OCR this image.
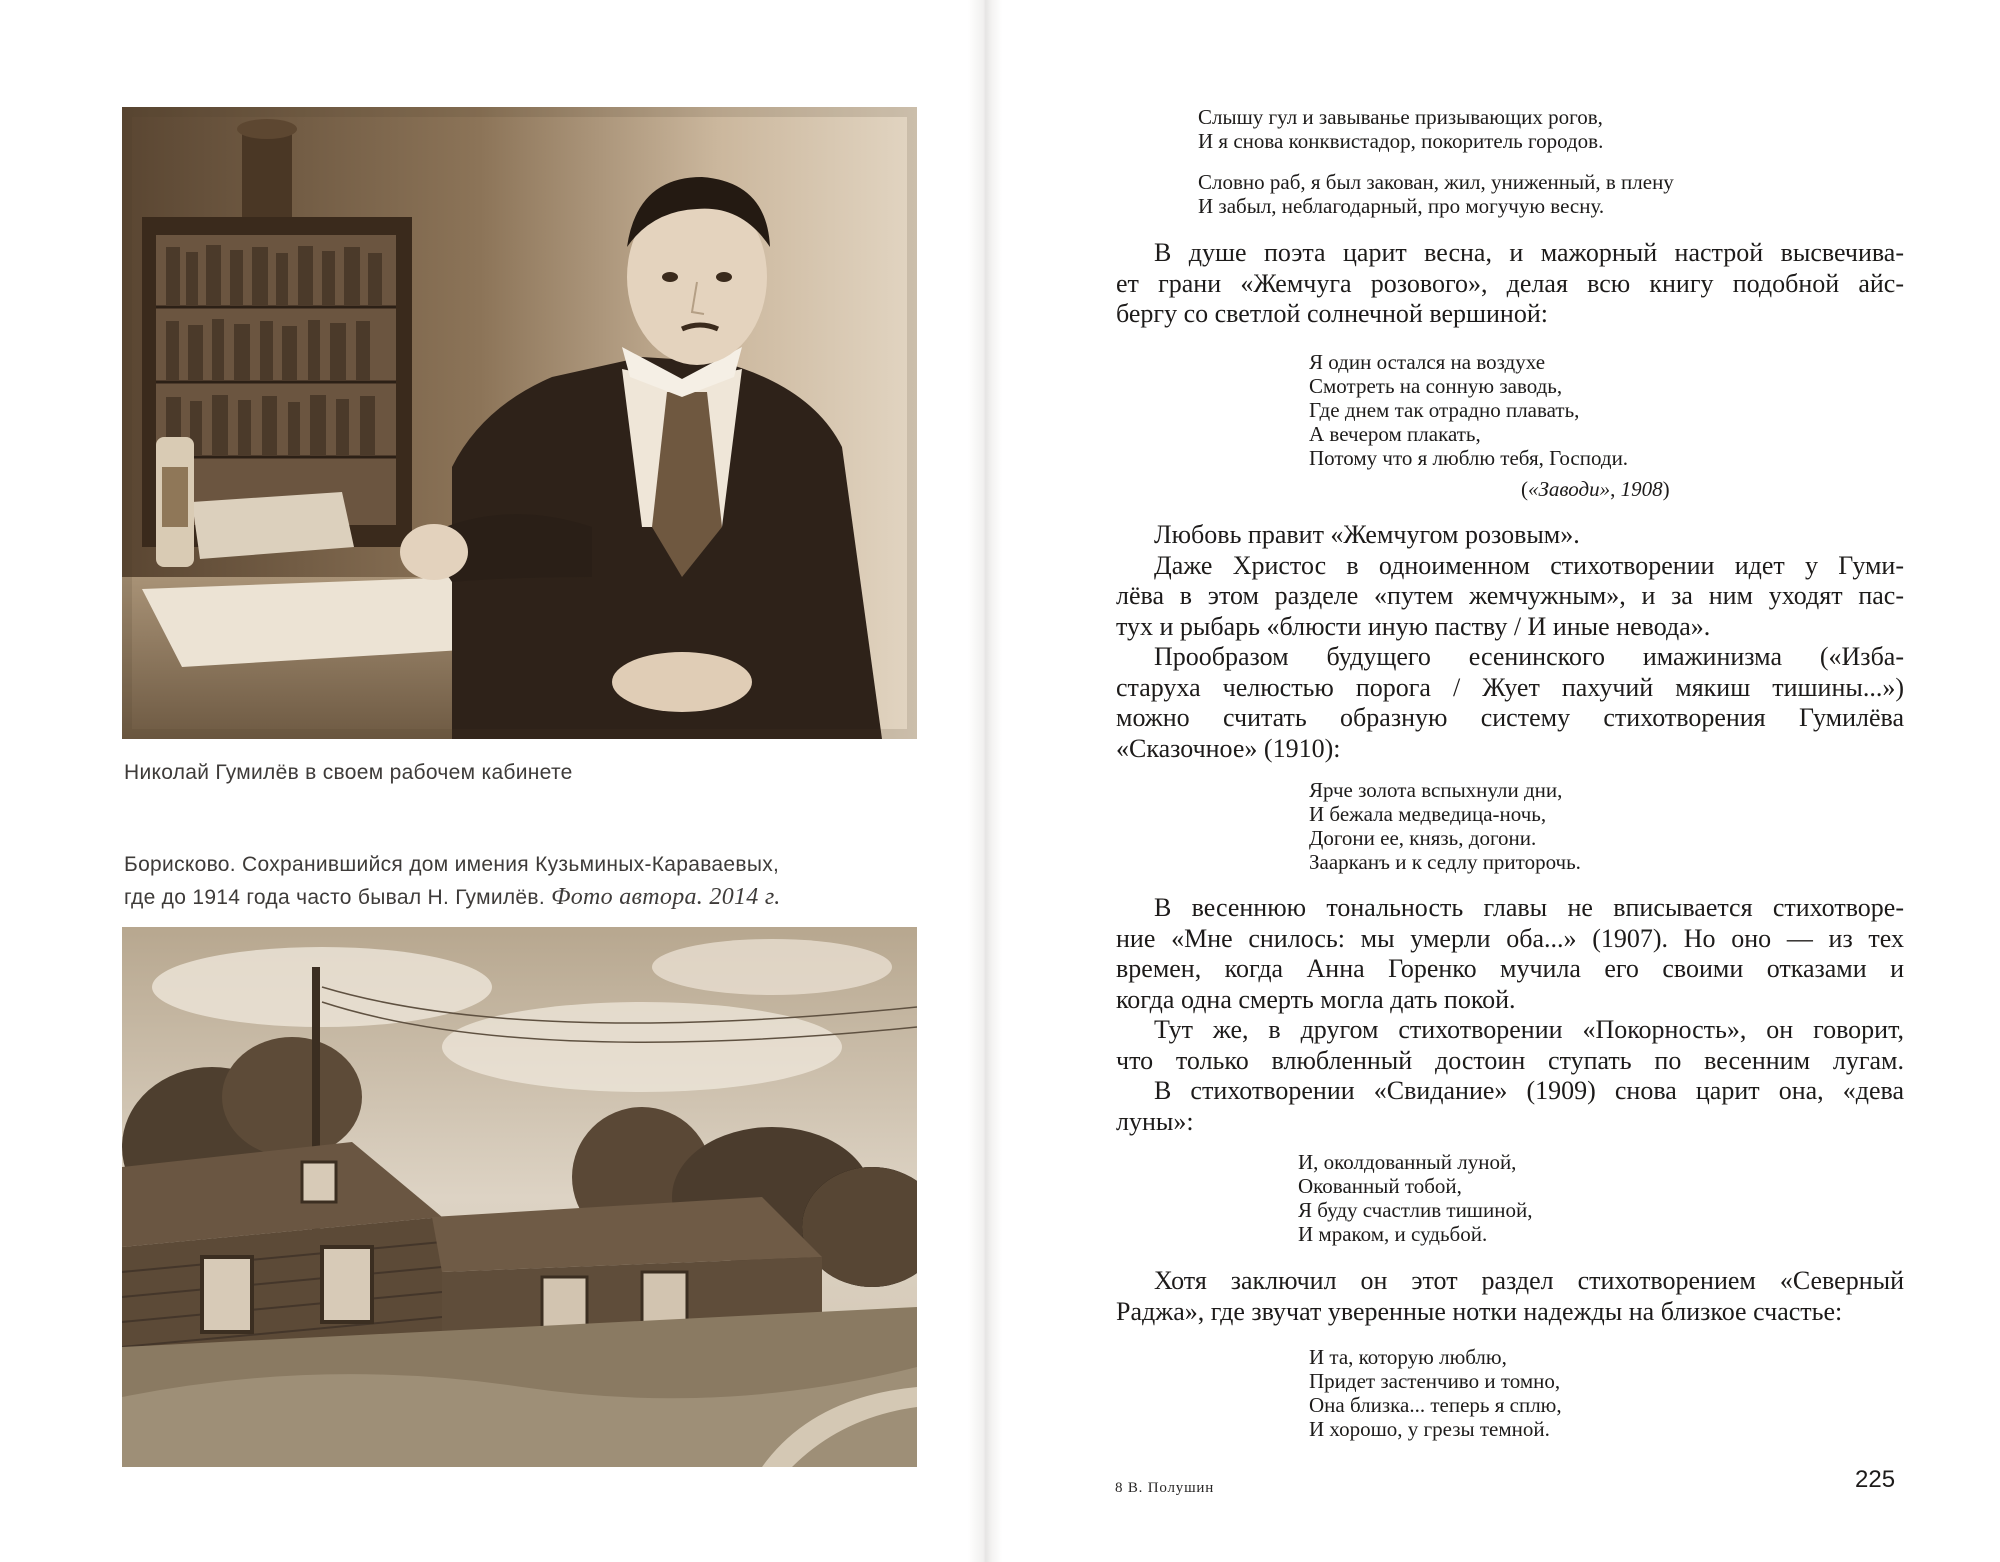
Николай Гумилёв в своем рабочем кабинете
Борисково. Сохранившийся дом имения Кузьминых-Караваевых,
где до 1914 года часто бывал Н. Гумилёв. Фото автора. 2014 г.
Слышу гул и завыванье призывающих рогов,
И я снова конквистадор, покоритель городов.
Словно раб, я был закован, жил, униженный, в плену
И забыл, неблагодарный, про могучую весну.

В душе поэта царит весна, и мажорный настрой высвечива-

ет грани «Жемчуга розового», делая всю книгу подобной айс-

бергу со светлой солнечной вершиной:

Я один остался на воздухе
Смотреть на сонную заводь,
Где днем так отрадно плавать,
А вечером плакать,
Потому что я люблю тебя, Господи.
(«Заводи», 1908)

Любовь правит «Жемчугом розовым».

Даже Христос в одноименном стихотворении идет у Гуми-

лёва в этом разделе «путем жемчужным», и за ним уходят пас-

тух и рыбарь «блюсти иную паству / И иные невода».

Прообразом будущего есенинского имажинизма («Изба-

старуха челюстью порога / Жует пахучий мякиш тишины...»)

можно считать образную систему стихотворения Гумилёва

«Сказочное» (1910):

Ярче золота вспыхнули дни,
И бежала медведица-ночь,
Догони ее, князь, догони.
Заарканъ и к седлу приторочь.

В весеннюю тональность главы не вписывается стихотворе-

ние «Мне снилось: мы умерли оба...» (1907). Но оно — из тех

времен, когда Анна Горенко мучила его своими отказами и

когда одна смерть могла дать покой.

Тут же, в другом стихотворении «Покорность», он говорит,

что только влюбленный достоин ступать по весенним лугам.

В стихотворении «Свидание» (1909) снова царит она, «дева

луны»:

И, околдованный луной,
Окованный тобой,
Я буду счастлив тишиной,
И мраком, и судьбой.

Хотя заключил он этот раздел стихотворением «Северный

Раджа», где звучат уверенные нотки надежды на близкое счастье:

И та, которую люблю,
Придет застенчиво и томно,
Она близка... теперь я сплю,
И хорошо, у грезы темной.
8 В. Полушин	225
